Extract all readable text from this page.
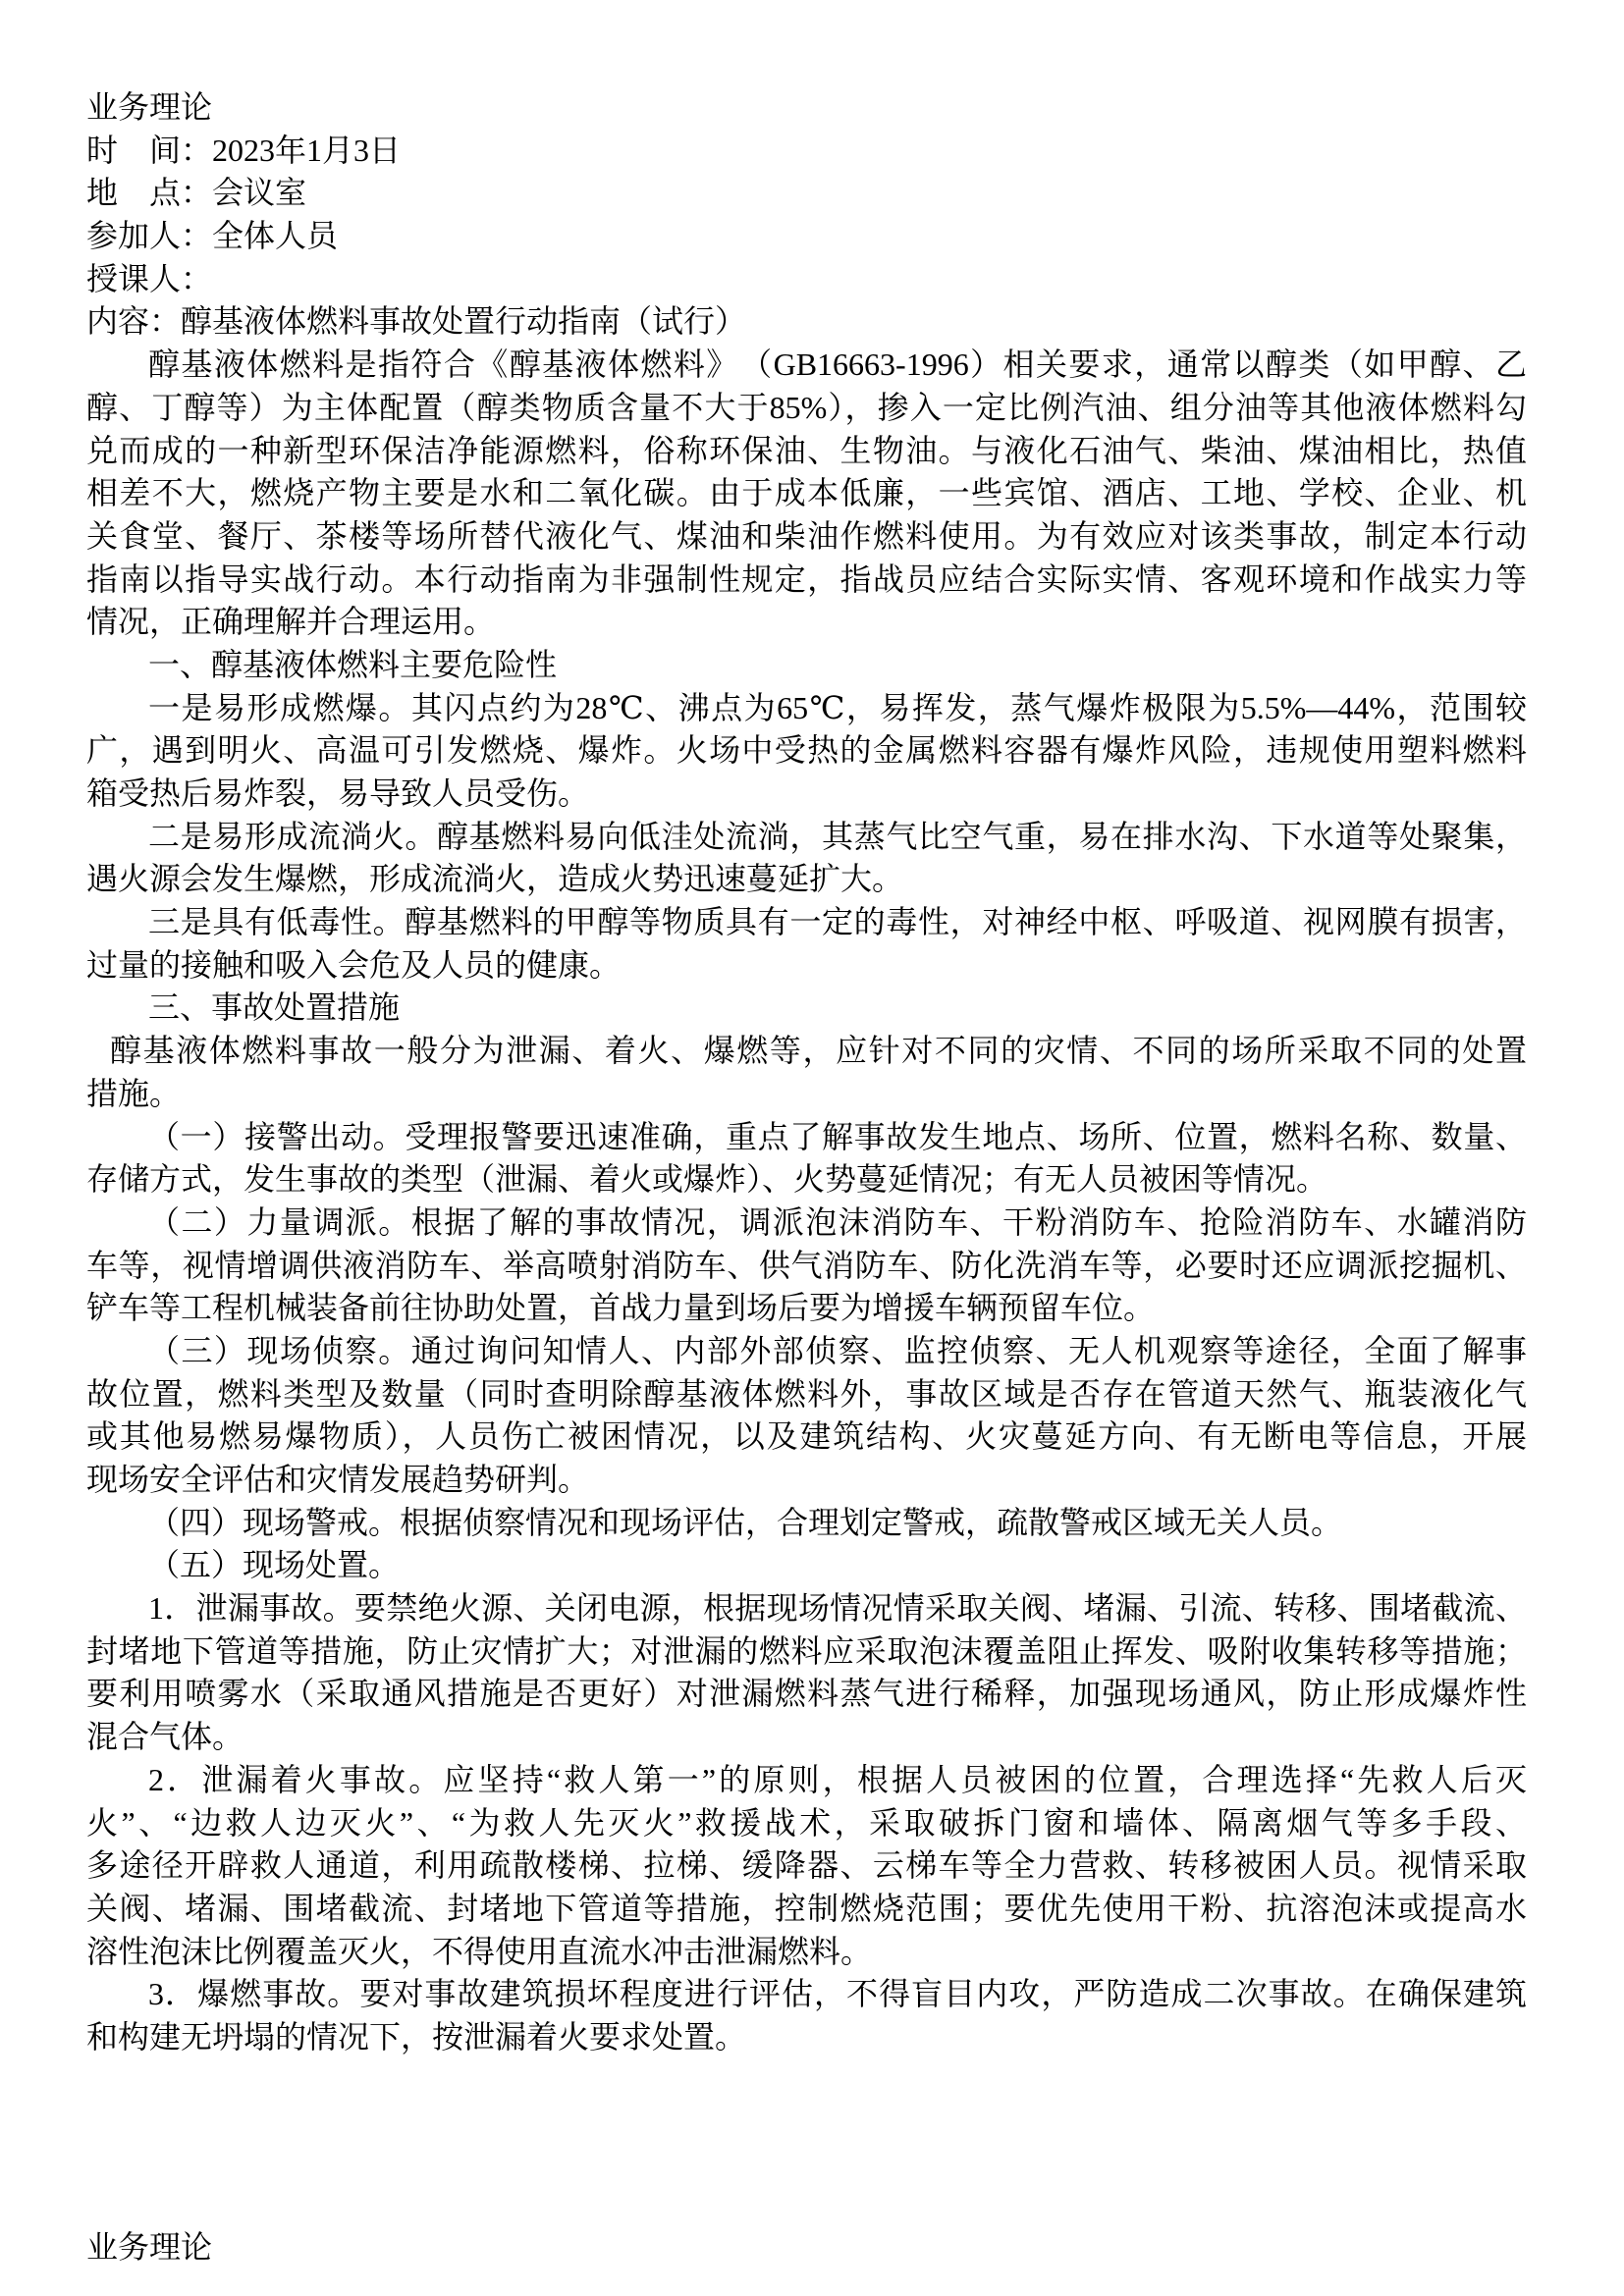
业务理论
时　间：2023年1月3日
地　点：会议室
参加人：全体人员
授课人：
内容：醇基液体燃料事故处置行动指南（试行）
醇基液体燃料是指符合《醇基液体燃料》　（GB16663-1996）相关要求，通常以醇类（如甲醇、乙
醇、丁醇等）为主体配置（醇类物质含量不大于85%），掺入一定比例汽油、组分油等其他液体燃料勾
兑而成的一种新型环保洁净能源燃料，俗称环保油、生物油。与液化石油气、柴油、煤油相比，热值
相差不大，燃烧产物主要是水和二氧化碳。由于成本低廉，一些宾馆、酒店、工地、学校、企业、机
关食堂、餐厅、茶楼等场所替代液化气、煤油和柴油作燃料使用。为有效应对该类事故，制定本行动
指南以指导实战行动。本行动指南为非强制性规定，指战员应结合实际实情、客观环境和作战实力等
情况，正确理解并合理运用。
一、醇基液体燃料主要危险性
一是易形成燃爆。其闪点约为28℃、沸点为65℃，易挥发，蒸气爆炸极限为5.5%—44%，范围较
广，遇到明火、高温可引发燃烧、爆炸。火场中受热的金属燃料容器有爆炸风险，违规使用塑料燃料
箱受热后易炸裂，易导致人员受伤。
二是易形成流淌火。醇基燃料易向低洼处流淌，其蒸气比空气重，易在排水沟、下水道等处聚集，
遇火源会发生爆燃，形成流淌火，造成火势迅速蔓延扩大。
三是具有低毒性。醇基燃料的甲醇等物质具有一定的毒性，对神经中枢、呼吸道、视网膜有损害，
过量的接触和吸入会危及人员的健康。
三、事故处置措施
醇基液体燃料事故一般分为泄漏、着火、爆燃等，应针对不同的灾情、不同的场所采取不同的处置
措施。
（一）接警出动。受理报警要迅速准确，重点了解事故发生地点、场所、位置，燃料名称、数量、
存储方式，发生事故的类型（泄漏、着火或爆炸）、火势蔓延情况；有无人员被困等情况。
（二）力量调派。根据了解的事故情况，调派泡沫消防车、干粉消防车、抢险消防车、水罐消防
车等，视情增调供液消防车、举高喷射消防车、供气消防车、防化洗消车等，必要时还应调派挖掘机、
铲车等工程机械装备前往协助处置，首战力量到场后要为增援车辆预留车位。
（三）现场侦察。通过询问知情人、内部外部侦察、监控侦察、无人机观察等途径，全面了解事
故位置，燃料类型及数量（同时查明除醇基液体燃料外，事故区域是否存在管道天然气、瓶装液化气
或其他易燃易爆物质），人员伤亡被困情况，以及建筑结构、火灾蔓延方向、有无断电等信息，开展
现场安全评估和灾情发展趋势研判。
（四）现场警戒。根据侦察情况和现场评估，合理划定警戒，疏散警戒区域无关人员。
（五）现场处置。
1．泄漏事故。要禁绝火源、关闭电源，根据现场情况情采取关阀、堵漏、引流、转移、围堵截流、
封堵地下管道等措施，防止灾情扩大；对泄漏的燃料应采取泡沫覆盖阻止挥发、吸附收集转移等措施；
要利用喷雾水（采取通风措施是否更好）对泄漏燃料蒸气进行稀释，加强现场通风，防止形成爆炸性
混合气体。
2．泄漏着火事故。应坚持“救人第一”的原则，根据人员被困的位置，合理选择“先救人后灭
火”、“边救人边灭火”、“为救人先灭火”救援战术，采取破拆门窗和墙体、隔离烟气等多手段、
多途径开辟救人通道，利用疏散楼梯、拉梯、缓降器、云梯车等全力营救、转移被困人员。视情采取
关阀、堵漏、围堵截流、封堵地下管道等措施，控制燃烧范围；要优先使用干粉、抗溶泡沫或提高水
溶性泡沫比例覆盖灭火，不得使用直流水冲击泄漏燃料。
3．爆燃事故。要对事故建筑损坏程度进行评估，不得盲目内攻，严防造成二次事故。在确保建筑
和构建无坍塌的情况下，按泄漏着火要求处置。
业务理论
